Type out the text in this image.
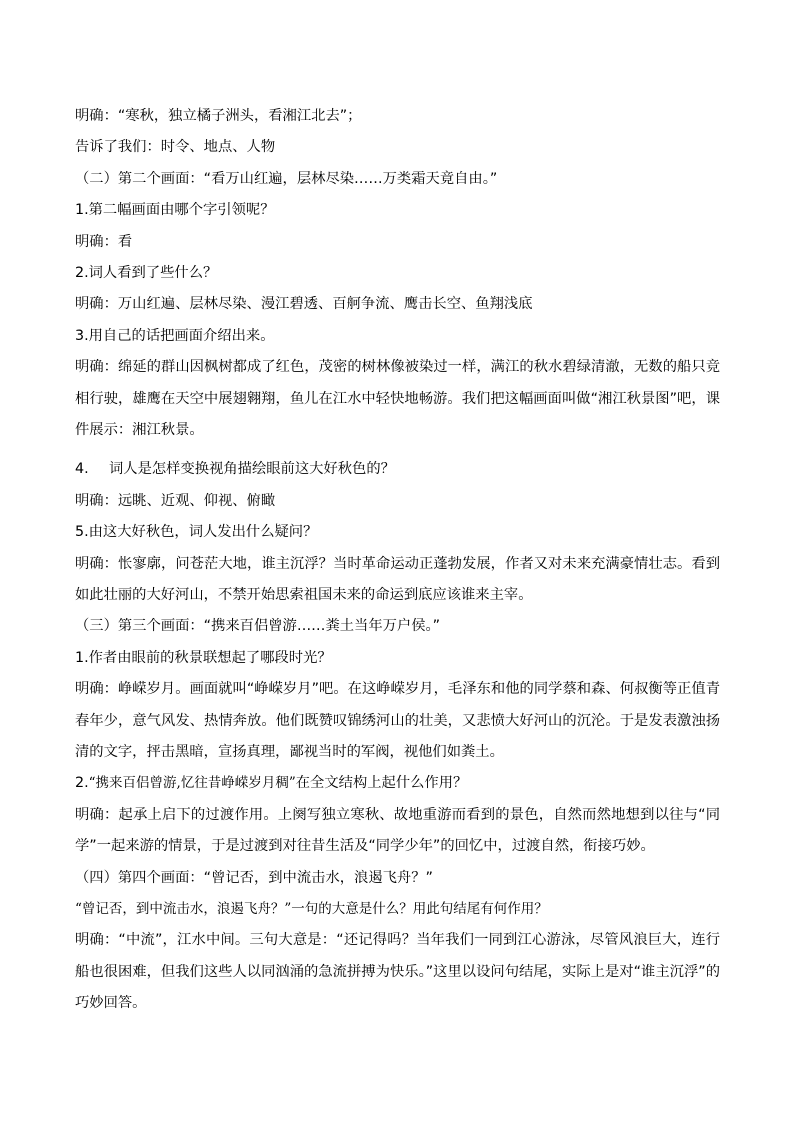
明确：“寒秋，独立橘子洲头，看湘江北去”；
告诉了我们：时令、地点、人物
（二）第二个画面：“看万山红遍，层林尽染……万类霜天竟自由。”
1.第二幅画面由哪个字引领呢？
明确：看
2.词人看到了些什么？
明确：万山红遍、层林尽染、漫江碧透、百舸争流、鹰击长空、鱼翔浅底
3.用自己的话把画面介绍出来。
明确：绵延的群山因枫树都成了红色，茂密的树林像被染过一样，满江的秋水碧绿清澈，无数的船只竞相行驶，雄鹰在天空中展翅翱翔，鱼儿在江水中轻快地畅游。我们把这幅画面叫做“湘江秋景图”吧，课件展示：湘江秋景。
4.	词人是怎样变换视角描绘眼前这大好秋色的？
明确：远眺、近观、仰视、俯瞰
5.由这大好秋色，词人发出什么疑问？
明确：怅寥廓，问苍茫大地，谁主沉浮？当时革命运动正蓬勃发展，作者又对未来充满豪情壮志。看到如此壮丽的大好河山，不禁开始思索祖国未来的命运到底应该谁来主宰。
（三）第三个画面：“携来百侣曾游……粪土当年万户侯。”
1.作者由眼前的秋景联想起了哪段时光？
明确：峥嵘岁月。画面就叫“峥嵘岁月”吧。在这峥嵘岁月，毛泽东和他的同学蔡和森、何叔衡等正值青春年少，意气风发、热情奔放。他们既赞叹锦绣河山的壮美，又悲愤大好河山的沉沦。于是发表激浊扬清的文字，抨击黑暗，宣扬真理，鄙视当时的军阀，视他们如粪土。
2.“携来百侣曾游,忆往昔峥嵘岁月稠”在全文结构上起什么作用？
明确：起承上启下的过渡作用。上阕写独立寒秋、故地重游而看到的景色，自然而然地想到以往与“同学”一起来游的情景，于是过渡到对往昔生活及“同学少年”的回忆中，过渡自然，衔接巧妙。
（四）第四个画面：“曾记否，到中流击水，浪遏飞舟？”
“曾记否，到中流击水，浪遏飞舟？”一句的大意是什么？用此句结尾有何作用？
明确：“中流”，江水中间。三句大意是：“还记得吗？当年我们一同到江心游泳，尽管风浪巨大，连行船也很困难，但我们这些人以同汹涌的急流拼搏为快乐。”这里以设问句结尾，实际上是对“谁主沉浮”的巧妙回答。
